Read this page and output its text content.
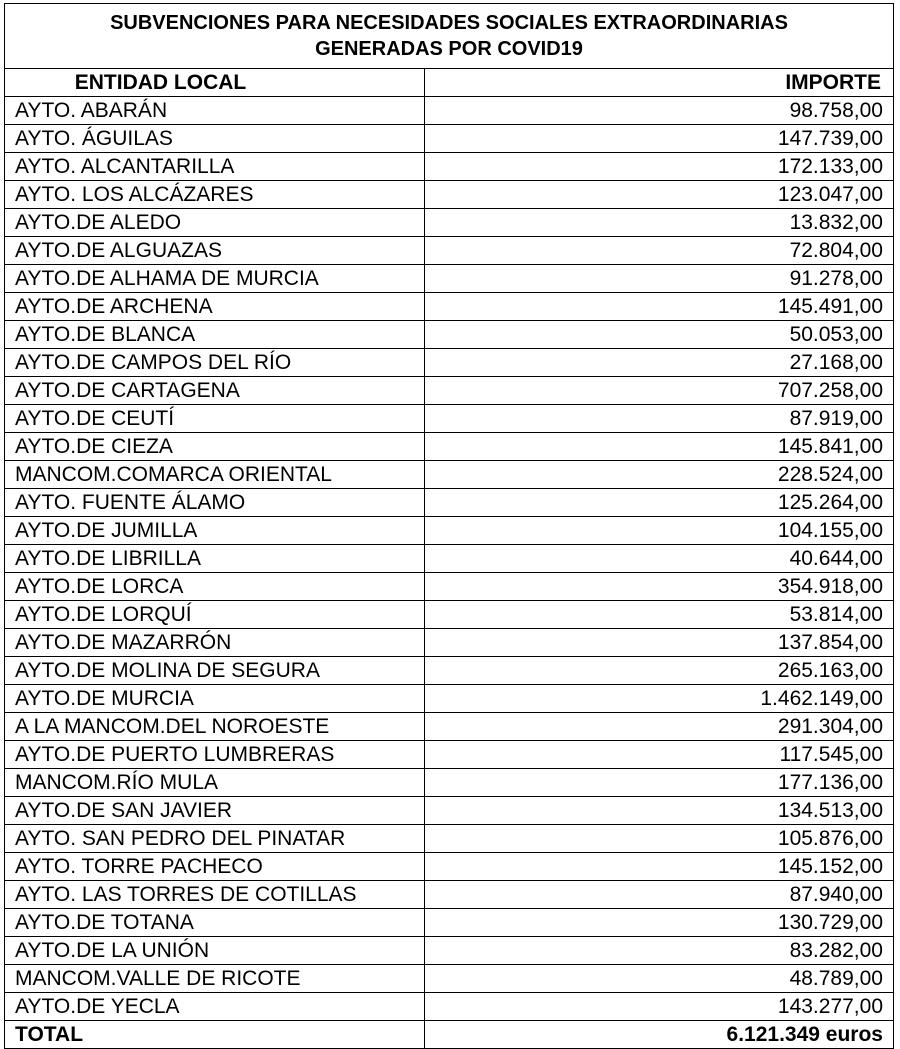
SUBVENCIONES PARA NECESIDADES SOCIALES EXTRAORDINARIAS
GENERADAS POR COVID19	

ENTIDAD LOCAL	IMPORTE
AYTO. ABARÁN	98.758,00
AYTO. ÁGUILAS	147.739,00
AYTO. ALCANTARILLA	172.133,00
AYTO. LOS ALCÁZARES	123.047,00
AYTO.DE ALEDO	13.832,00
AYTO.DE ALGUAZAS	72.804,00
AYTO.DE ALHAMA DE MURCIA	91.278,00
AYTO.DE ARCHENA	145.491,00
AYTO.DE BLANCA	50.053,00
AYTO.DE CAMPOS DEL RÍO	27.168,00
AYTO.DE CARTAGENA	707.258,00
AYTO.DE CEUTÍ	87.919,00
AYTO.DE CIEZA	145.841,00
MANCOM.COMARCA ORIENTAL	228.524,00
AYTO. FUENTE ÁLAMO	125.264,00
AYTO.DE JUMILLA	104.155,00
AYTO.DE LIBRILLA	40.644,00
AYTO.DE LORCA	354.918,00
AYTO.DE LORQUÍ	53.814,00
AYTO.DE MAZARRÓN	137.854,00
AYTO.DE MOLINA DE SEGURA	265.163,00
AYTO.DE MURCIA	1.462.149,00
A LA MANCOM.DEL NOROESTE	291.304,00
AYTO.DE PUERTO LUMBRERAS	117.545,00
MANCOM.RÍO MULA	177.136,00
AYTO.DE SAN JAVIER	134.513,00
AYTO. SAN PEDRO DEL PINATAR	105.876,00
AYTO. TORRE PACHECO	145.152,00
AYTO. LAS TORRES DE COTILLAS	87.940,00
AYTO.DE TOTANA	130.729,00
AYTO.DE LA UNIÓN	83.282,00
MANCOM.VALLE DE RICOTE	48.789,00
AYTO.DE YECLA	143.277,00
TOTAL	6.121.349 euros
